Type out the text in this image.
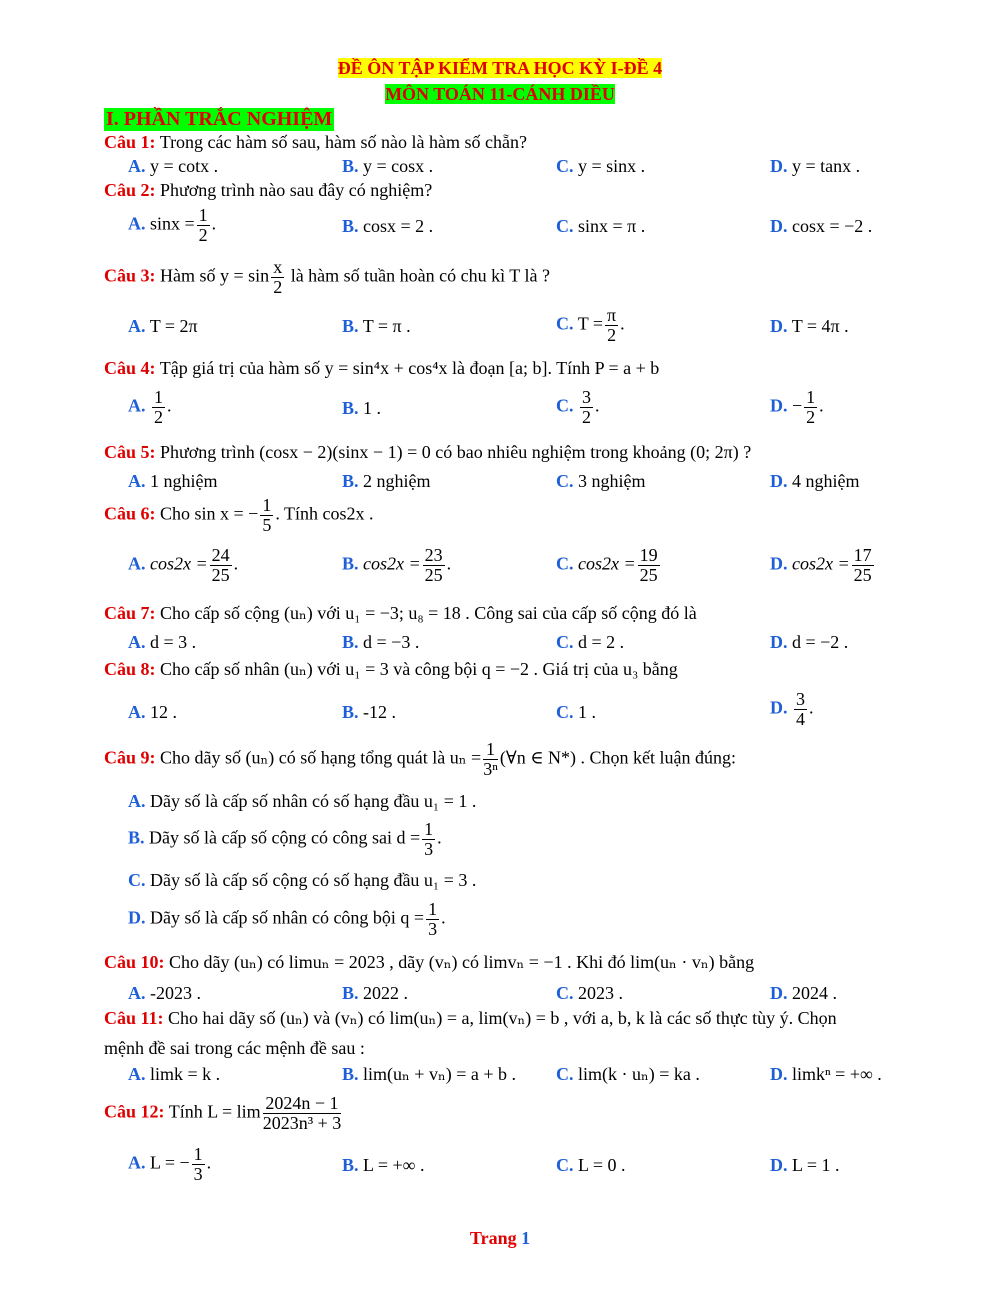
ĐỀ ÔN TẬP KIỂM TRA HỌC KỲ I-ĐỀ 4
MÔN TOÁN 11-CÁNH DIỀU
I. PHẦN TRẮC NGHIỆM
Câu 1: Trong các hàm số sau, hàm số nào là hàm số chẵn?
A. y = cotx .	B. y = cosx .	C. y = sinx .	D. y = tanx .
Câu 2: Phương trình nào sau đây có nghiệm?
A. $\sin x = \frac{1}{2}$ .	B. cosx = 2 .	C. sinx = π .	D. cosx = −2 .
Câu 3: Hàm số $y = \sin \frac{x}{2}$ là hàm số tuần hoàn có chu kì T là ?
A. T = 2π	B. T = π .	C. $T = \frac{\pi}{2}$ .	D. T = 4π .
Câu 4: Tập giá trị của hàm số y = sin⁴x + cos⁴x là đoạn [a; b]. Tính P = a + b
A. $\frac{1}{2}$ .	B. 1 .	C. $\frac{3}{2}$ .	D. − $\frac{1}{2}$ .
Câu 5: Phương trình (cosx − 2)(sinx − 1) = 0 có bao nhiêu nghiệm trong khoảng (0; 2π) ?
A. 1 nghiệm	B. 2 nghiệm	C. 3 nghiệm	D. 4 nghiệm
Câu 6: Cho sin x = − $\frac{1}{5}$ . Tính cos2x .
A. $\cos 2x = \frac{24}{25}$ .	B. $\cos 2x = \frac{23}{25}$ .	C. $\cos 2x = \frac{19}{25}$	D. $\cos 2x = \frac{17}{25}$
Câu 7: Cho cấp số cộng (uₙ) với u₁ = −3; u₈ = 18 . Công sai của cấp số cộng đó là
A. d = 3 .	B. d = −3 .	C. d = 2 .	D. d = −2 .
Câu 8: Cho cấp số nhân (uₙ) với u₁ = 3 và công bội q = −2 . Giá trị của u₃ bằng
A. 12 .	B. -12 .	C. 1 .	D. $\frac{3}{4}$ .
Câu 9: Cho dãy số (uₙ) có số hạng tổng quát là $u_n = \frac{1}{\text{3ⁿ}}$ (∀n ∈ N*) . Chọn kết luận đúng:
A. Dãy số là cấp số nhân có số hạng đầu u₁ = 1 .
B. Dãy số là cấp số cộng có công sai $d = \frac{1}{3}$ .
C. Dãy số là cấp số cộng có số hạng đầu u₁ = 3 .
D. Dãy số là cấp số nhân có công bội $q = \frac{1}{3}$ .
Câu 10: Cho dãy (uₙ) có limuₙ = 2023 , dãy (vₙ) có limvₙ = −1 . Khi đó lim(uₙ · vₙ) bằng
A. -2023 .	B. 2022 .	C. 2023 .	D. 2024 .
Câu 11: Cho hai dãy số (uₙ) và (vₙ) có lim(uₙ) = a, lim(vₙ) = b , với a, b, k là các số thực tùy ý. Chọn
mệnh đề sai trong các mệnh đề sau :
A. limk = k .	B. lim(uₙ + vₙ) = a + b . C. lim(k · uₙ) = ka .	D. limkⁿ = +∞ .
Câu 12: Tính $L = \lim \frac{2024n - 1}{\text{2023n³ + 3}}$
A. L = − $\frac{1}{3}$ .	B. L = +∞ .	C. L = 0 .	D. L = 1 .
Trang 1
